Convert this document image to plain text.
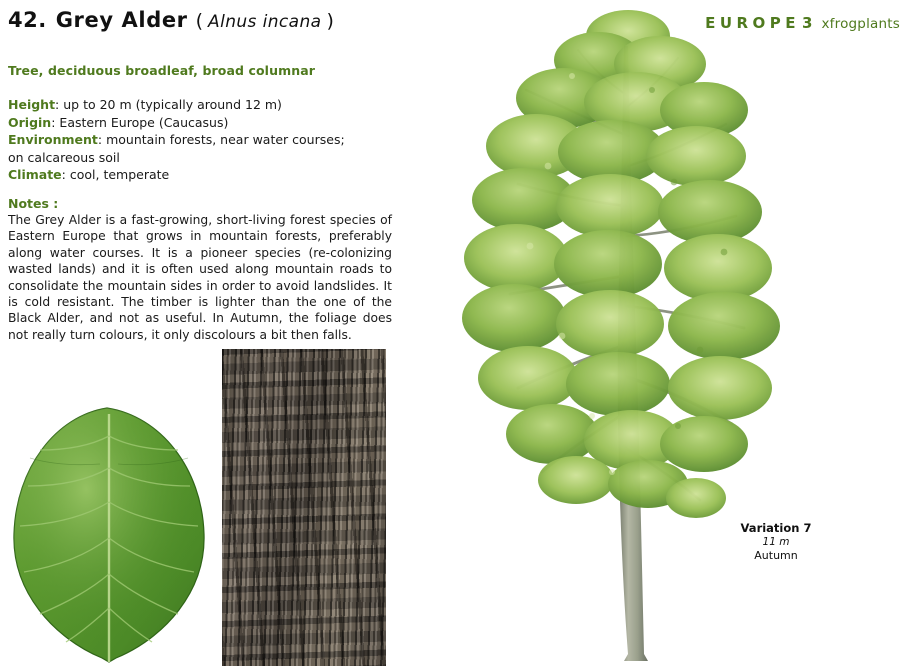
42. Grey Alder ( Alnus incana )	EUROPE 3 xfrogplants
Tree, deciduous broadleaf, broad columnar
Height: up to 20 m (typically around 12 m)
Origin: Eastern Europe (Caucasus)
Environment: mountain forests, near water courses;
on calcareous soil
Climate: cool, temperate
Notes :
The Grey Alder is a fast-growing, short-living forest species of Eastern Europe that grows in mountain forests, preferably along water courses. It is a pioneer species (re-colonizing wasted lands) and it is often used along mountain roads to consolidate the mountain sides in order to avoid landslides. It is cold resistant. The timber is lighter than the one of the Black Alder, and not as useful. In Autumn, the foliage does not really turn colours, it only discolours a bit then falls.
Variation 7
11 m
Autumn
